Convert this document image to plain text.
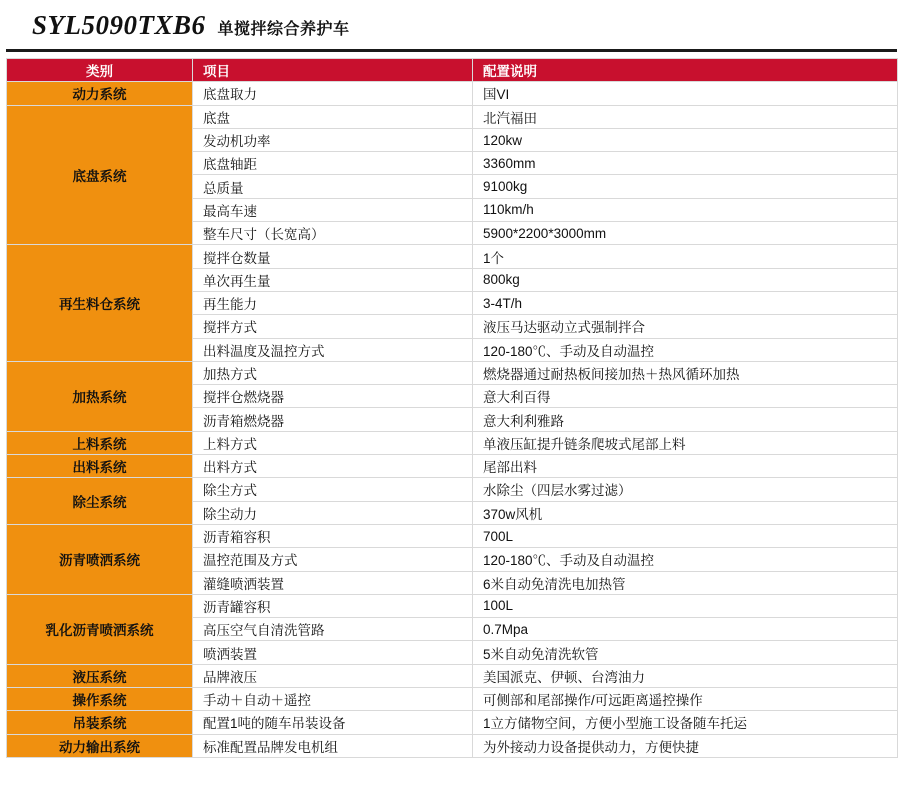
SYL5090TXB6 单搅拌综合养护车
类别	项目	配置说明
动力系统	底盘取力	国VI
底盘系统	底盘	北汽福田
	发动机功率	120kw
	底盘轴距	3360mm
	总质量	9100kg
	最高车速	110km/h
	整车尺寸（长宽高）	5900*2200*3000mm
再生料仓系统	搅拌仓数量	1个
	单次再生量	800kg
	再生能力	3-4T/h
	搅拌方式	液压马达驱动立式强制拌合
	出料温度及温控方式	120-180℃、手动及自动温控
加热系统	加热方式	燃烧器通过耐热板间接加热＋热风循环加热
	搅拌仓燃烧器	意大利百得
	沥青箱燃烧器	意大利利雅路
上料系统	上料方式	单液压缸提升链条爬坡式尾部上料
出料系统	出料方式	尾部出料
除尘系统	除尘方式	水除尘（四层水雾过滤）
	除尘动力	370w风机
沥青喷洒系统	沥青箱容积	700L
	温控范围及方式	120-180℃、手动及自动温控
	灌缝喷洒装置	6米自动免清洗电加热管
乳化沥青喷洒系统	沥青罐容积	100L
	高压空气自清洗管路	0.7Mpa
	喷洒装置	5米自动免清洗软管
液压系统	品牌液压	美国派克、伊顿、台湾油力
操作系统	手动＋自动＋遥控	可侧部和尾部操作/可远距离遥控操作
吊装系统	配置1吨的随车吊装设备	1立方储物空间，方便小型施工设备随车托运
动力输出系统	标准配置品牌发电机组	为外接动力设备提供动力，方便快捷
